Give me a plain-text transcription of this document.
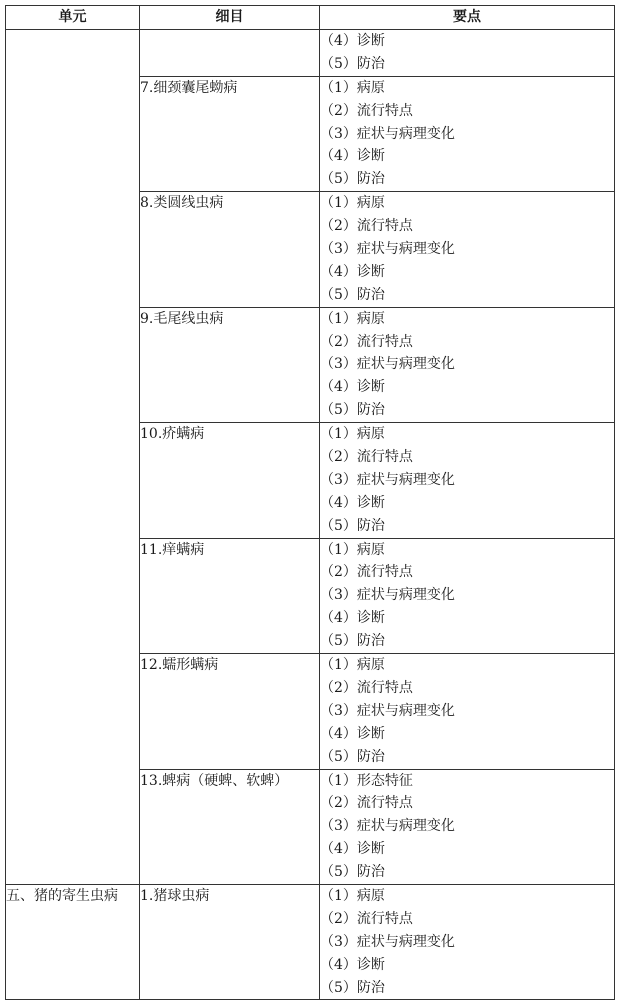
单元	细目	要点

		（4）诊断
（5）防治

	7.细颈囊尾蚴病	（1）病原
（2）流行特点
（3）症状与病理变化
（4）诊断
（5）防治

	8.类圆线虫病	（1）病原
（2）流行特点
（3）症状与病理变化
（4）诊断
（5）防治

	9.毛尾线虫病	（1）病原
（2）流行特点
（3）症状与病理变化
（4）诊断
（5）防治

	10.疥螨病	（1）病原
（2）流行特点
（3）症状与病理变化
（4）诊断
（5）防治

	11.痒螨病	（1）病原
（2）流行特点
（3）症状与病理变化
（4）诊断
（5）防治

	12.蠕形螨病	（1）病原
（2）流行特点
（3）症状与病理变化
（4）诊断
（5）防治

	13.蜱病（硬蜱、软蜱）	（1）形态特征
（2）流行特点
（3）症状与病理变化
（4）诊断
（5）防治

五、猪的寄生虫病	1.猪球虫病	（1）病原
（2）流行特点
（3）症状与病理变化
（4）诊断
（5）防治
